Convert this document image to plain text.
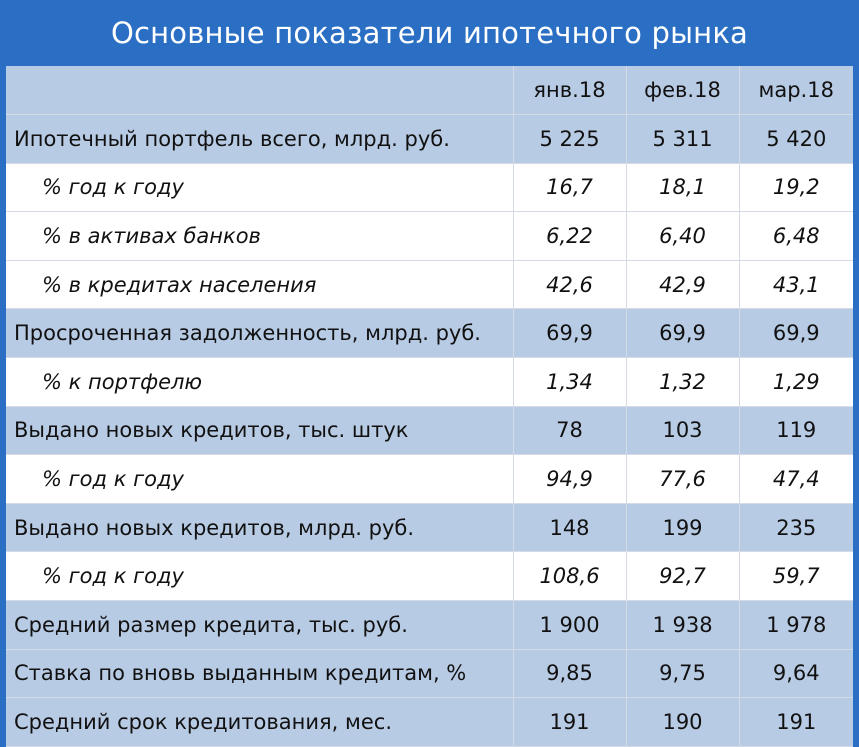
Основные показатели ипотечного рынка
	янв.18	фев.18	мар.18
Ипотечный портфель всего, млрд. руб.	5 225	5 311	5 420
% год к году	16,7	18,1	19,2
% в активах банков	6,22	6,40	6,48
% в кредитах населения	42,6	42,9	43,1
Просроченная задолженность, млрд. руб.	69,9	69,9	69,9
% к портфелю	1,34	1,32	1,29
Выдано новых кредитов, тыс. штук	78	103	119
% год к году	94,9	77,6	47,4
Выдано новых кредитов, млрд. руб.	148	199	235
% год к году	108,6	92,7	59,7
Средний размер кредита, тыс. руб.	1 900	1 938	1 978
Ставка по вновь выданным кредитам, %	9,85	9,75	9,64
Средний срок кредитования, мес.	191	190	191
